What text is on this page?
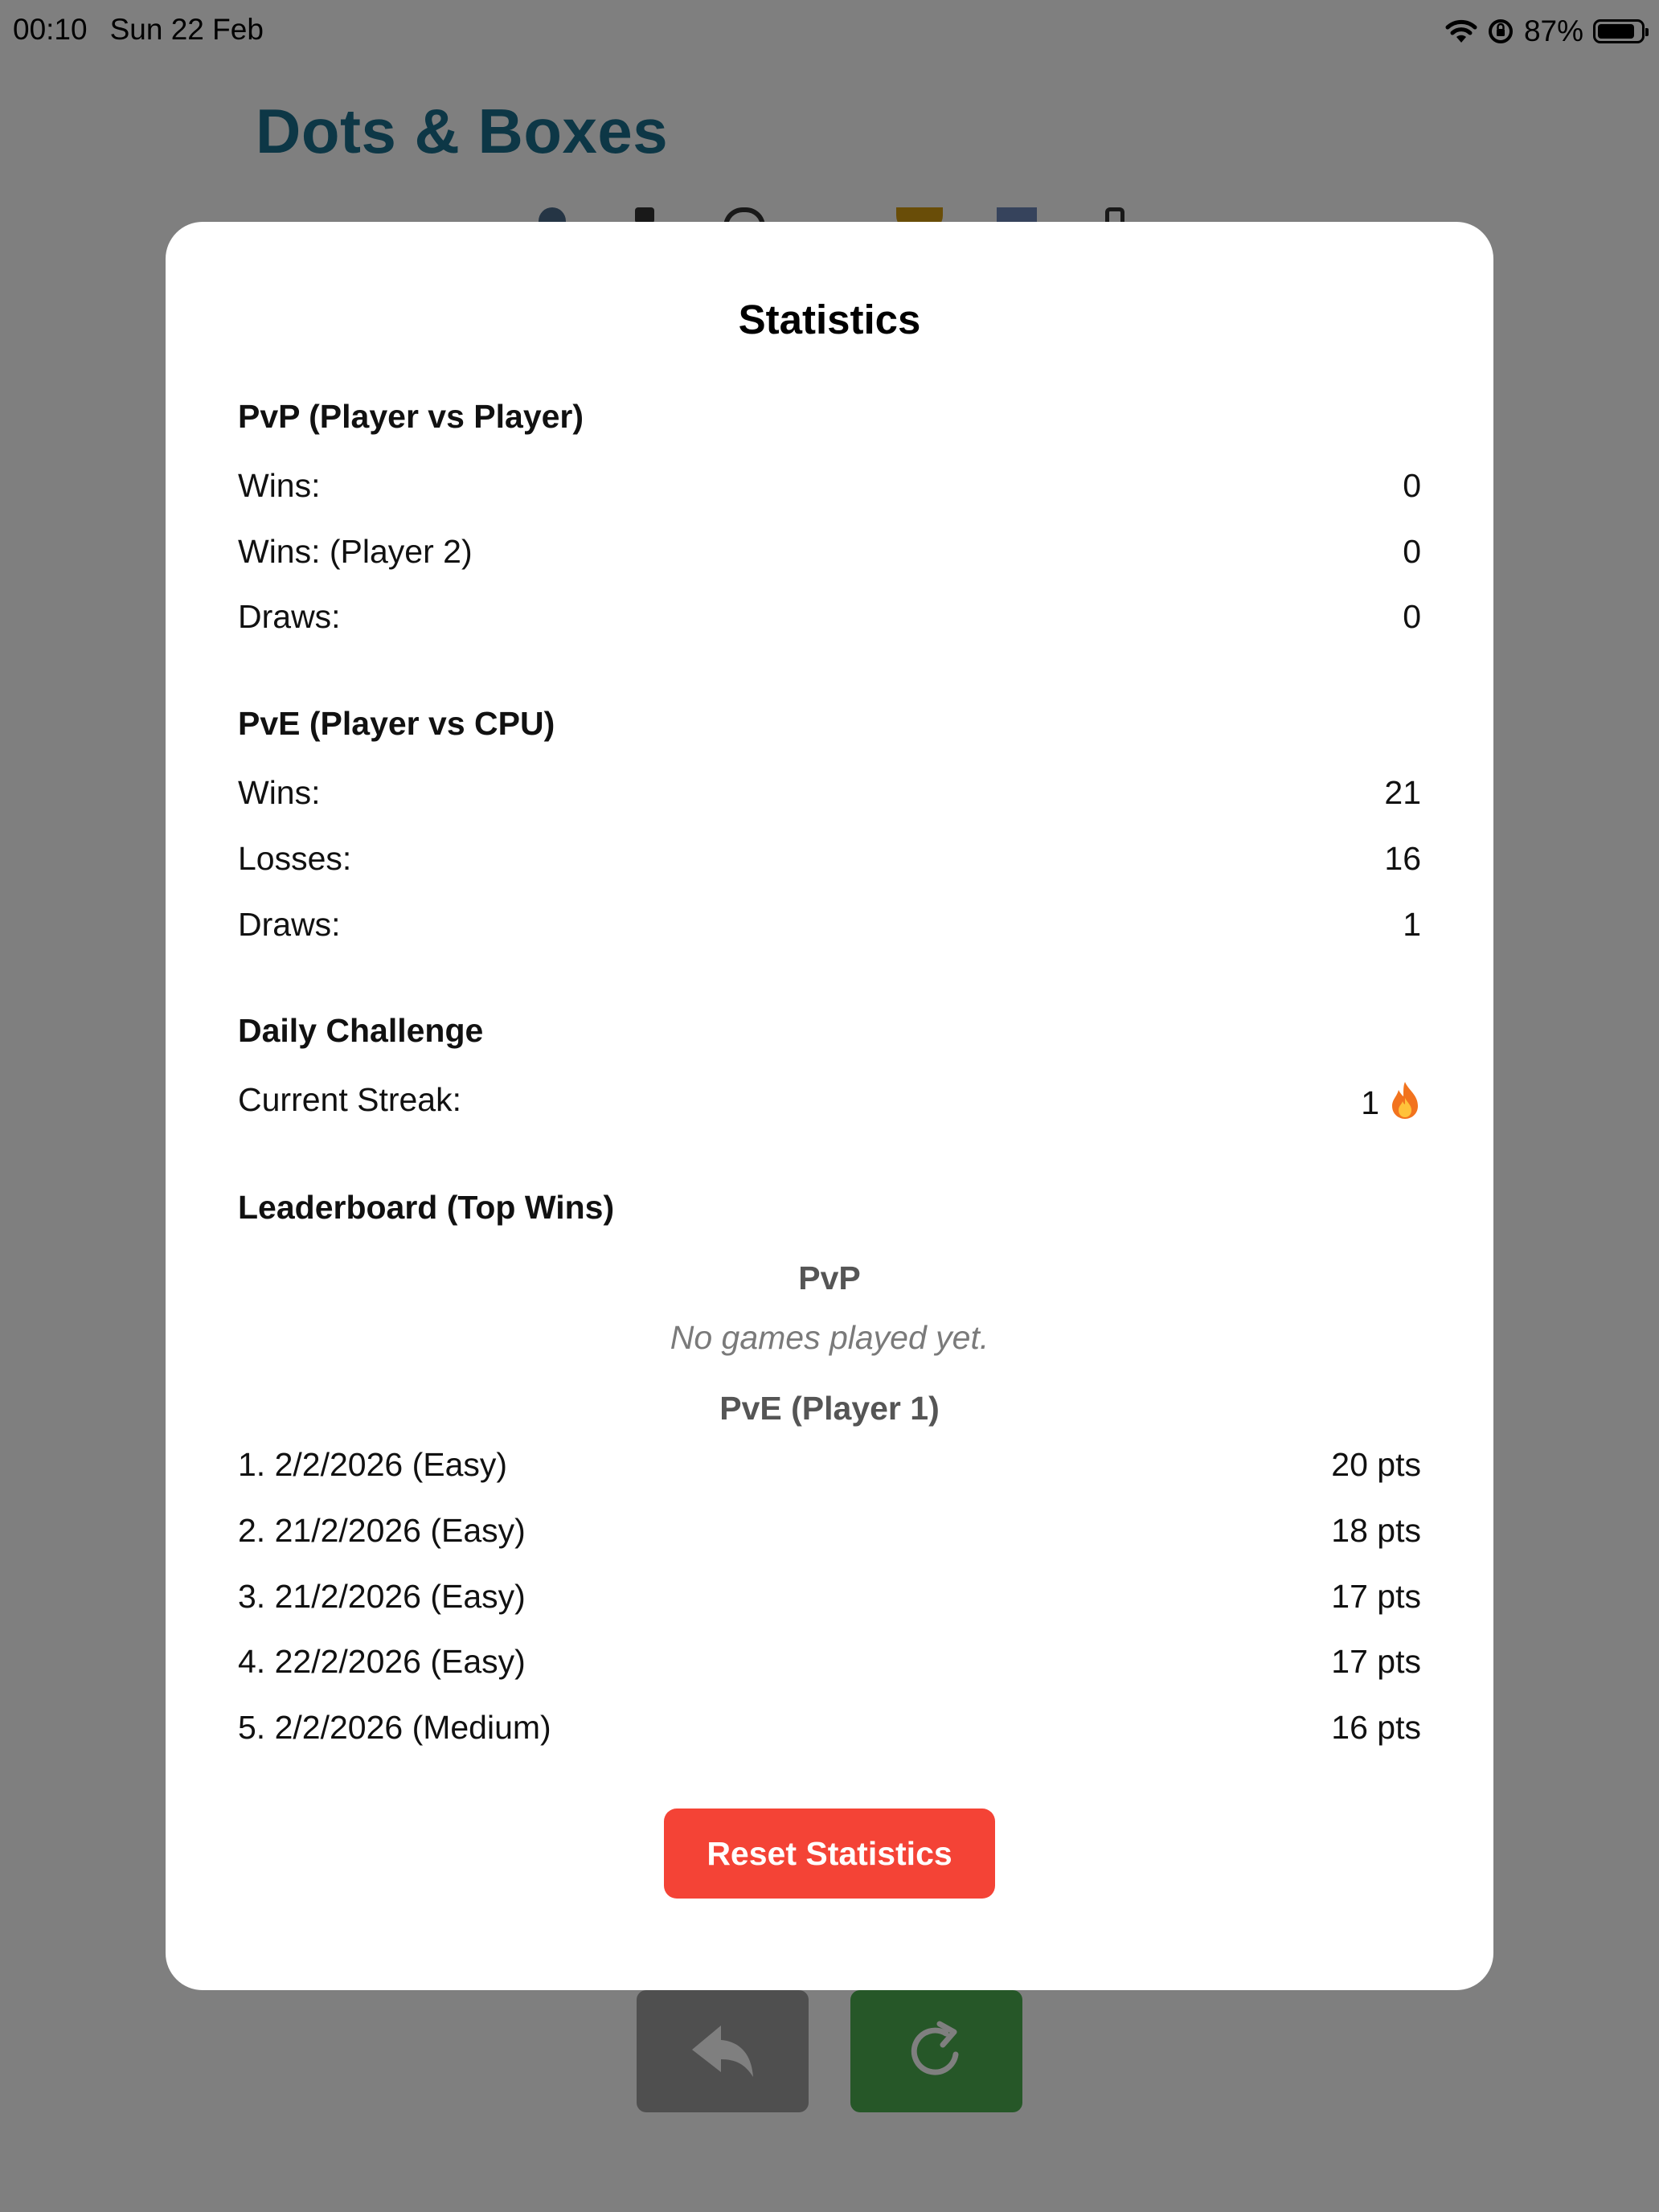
00:10 Sun 22 Feb	87%
Statistics
PvP (Player vs Player)
Wins:	0
Wins: (Player 2)	0
Draws:	0
PvE (Player vs CPU)
Wins:	21
Losses:	16
Draws:	1
Daily Challenge
Current Streak:	1
Leaderboard (Top Wins)
PvP
No games played yet.
PvE (Player 1)
1. 2/2/2026 (Easy)	20 pts
2. 21/2/2026 (Easy)	18 pts
3. 21/2/2026 (Easy)	17 pts
4. 22/2/2026 (Easy)	17 pts
5. 2/2/2026 (Medium)	16 pts
Reset Statistics
